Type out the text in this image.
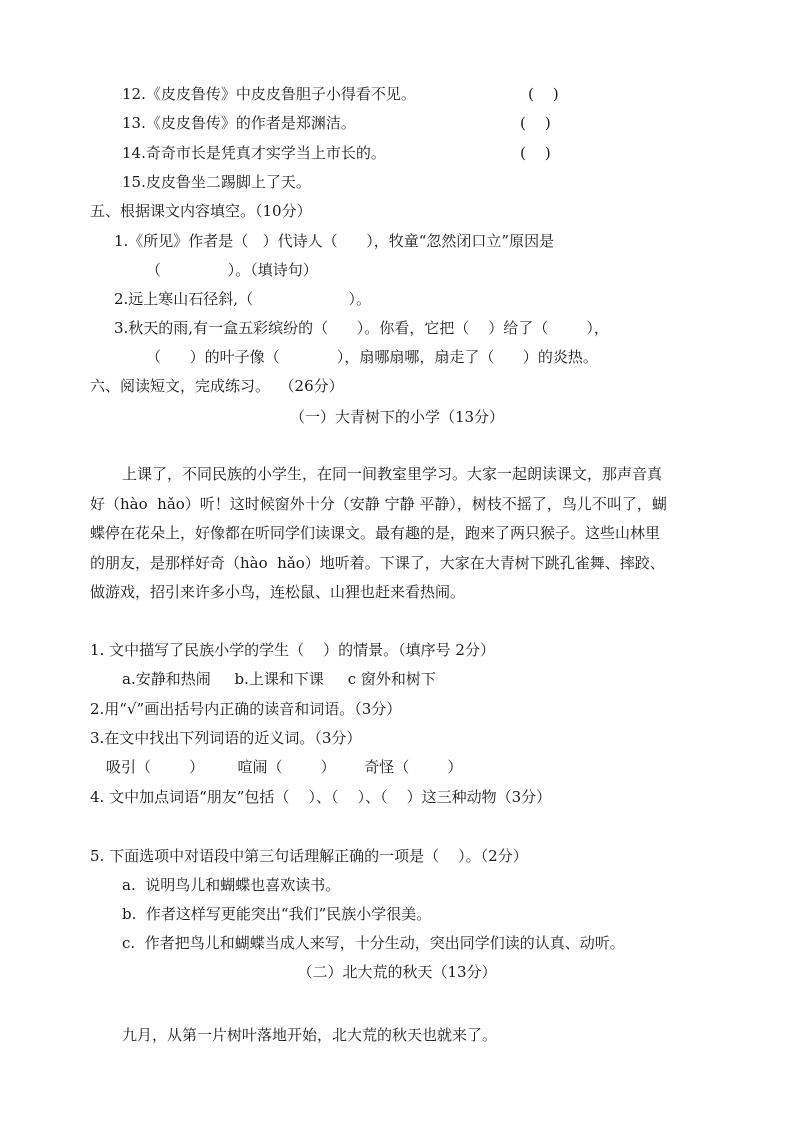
12.《皮皮鲁传》中皮皮鲁胆子小得看不见。	(    )
13.《皮皮鲁传》的作者是郑渊洁。	(    )
14.奇奇市长是凭真才实学当上市长的。	(    )
15.皮皮鲁坐二踢脚上了天。
五、根据课文内容填空。（10分）
1.《所见》作者是（   ）代诗人（      ），牧童“忽然闭口立”原因是
（              ）。（填诗句）
2.远上寒山石径斜,（                    ）。
3.秋天的雨,有一盒五彩缤纷的（      ）。你看，它把（    ）给了（        ），
（      ）的叶子像（            ），扇哪扇哪，扇走了（      ）的炎热。
六、阅读短文，完成练习。  （26分）
（一）大青树下的小学（13分）
上课了，不同民族的小学生，在同一间教室里学习。大家一起朗读课文，那声音真
好（hào  hǎo）听！这时候窗外十分（安静 宁静 平静），树枝不摇了，鸟儿不叫了，蝴
蝶停在花朵上，好像都在听同学们读课文。最有趣的是，跑来了两只猴子。这些山林里
的朋友，是那样好奇（hào  hǎo）地听着。下课了，大家在大青树下跳孔雀舞、摔跤、
做游戏，招引来许多小鸟，连松鼠、山狸也赶来看热闹。
1. 文中描写了民族小学的学生（    ）的情景。（填序号 2分）
a.安静和热闹     b.上课和下课     c 窗外和树下
2.用“√”画出括号内正确的读音和词语。（3分）
3.在文中找出下列词语的近义词。（3分）
吸引（        ）       喧闹（        ）      奇怪（        ）
4. 文中加点词语“朋友”包括（    ）、（    ）、（    ）这三种动物（3分）
5. 下面选项中对语段中第三句话理解正确的一项是（    ）。（2分）
a.  说明鸟儿和蝴蝶也喜欢读书。
b.  作者这样写更能突出“我们”民族小学很美。
c.  作者把鸟儿和蝴蝶当成人来写，十分生动，突出同学们读的认真、动听。
（二）北大荒的秋天（13分）
九月，从第一片树叶落地开始，北大荒的秋天也就来了。
